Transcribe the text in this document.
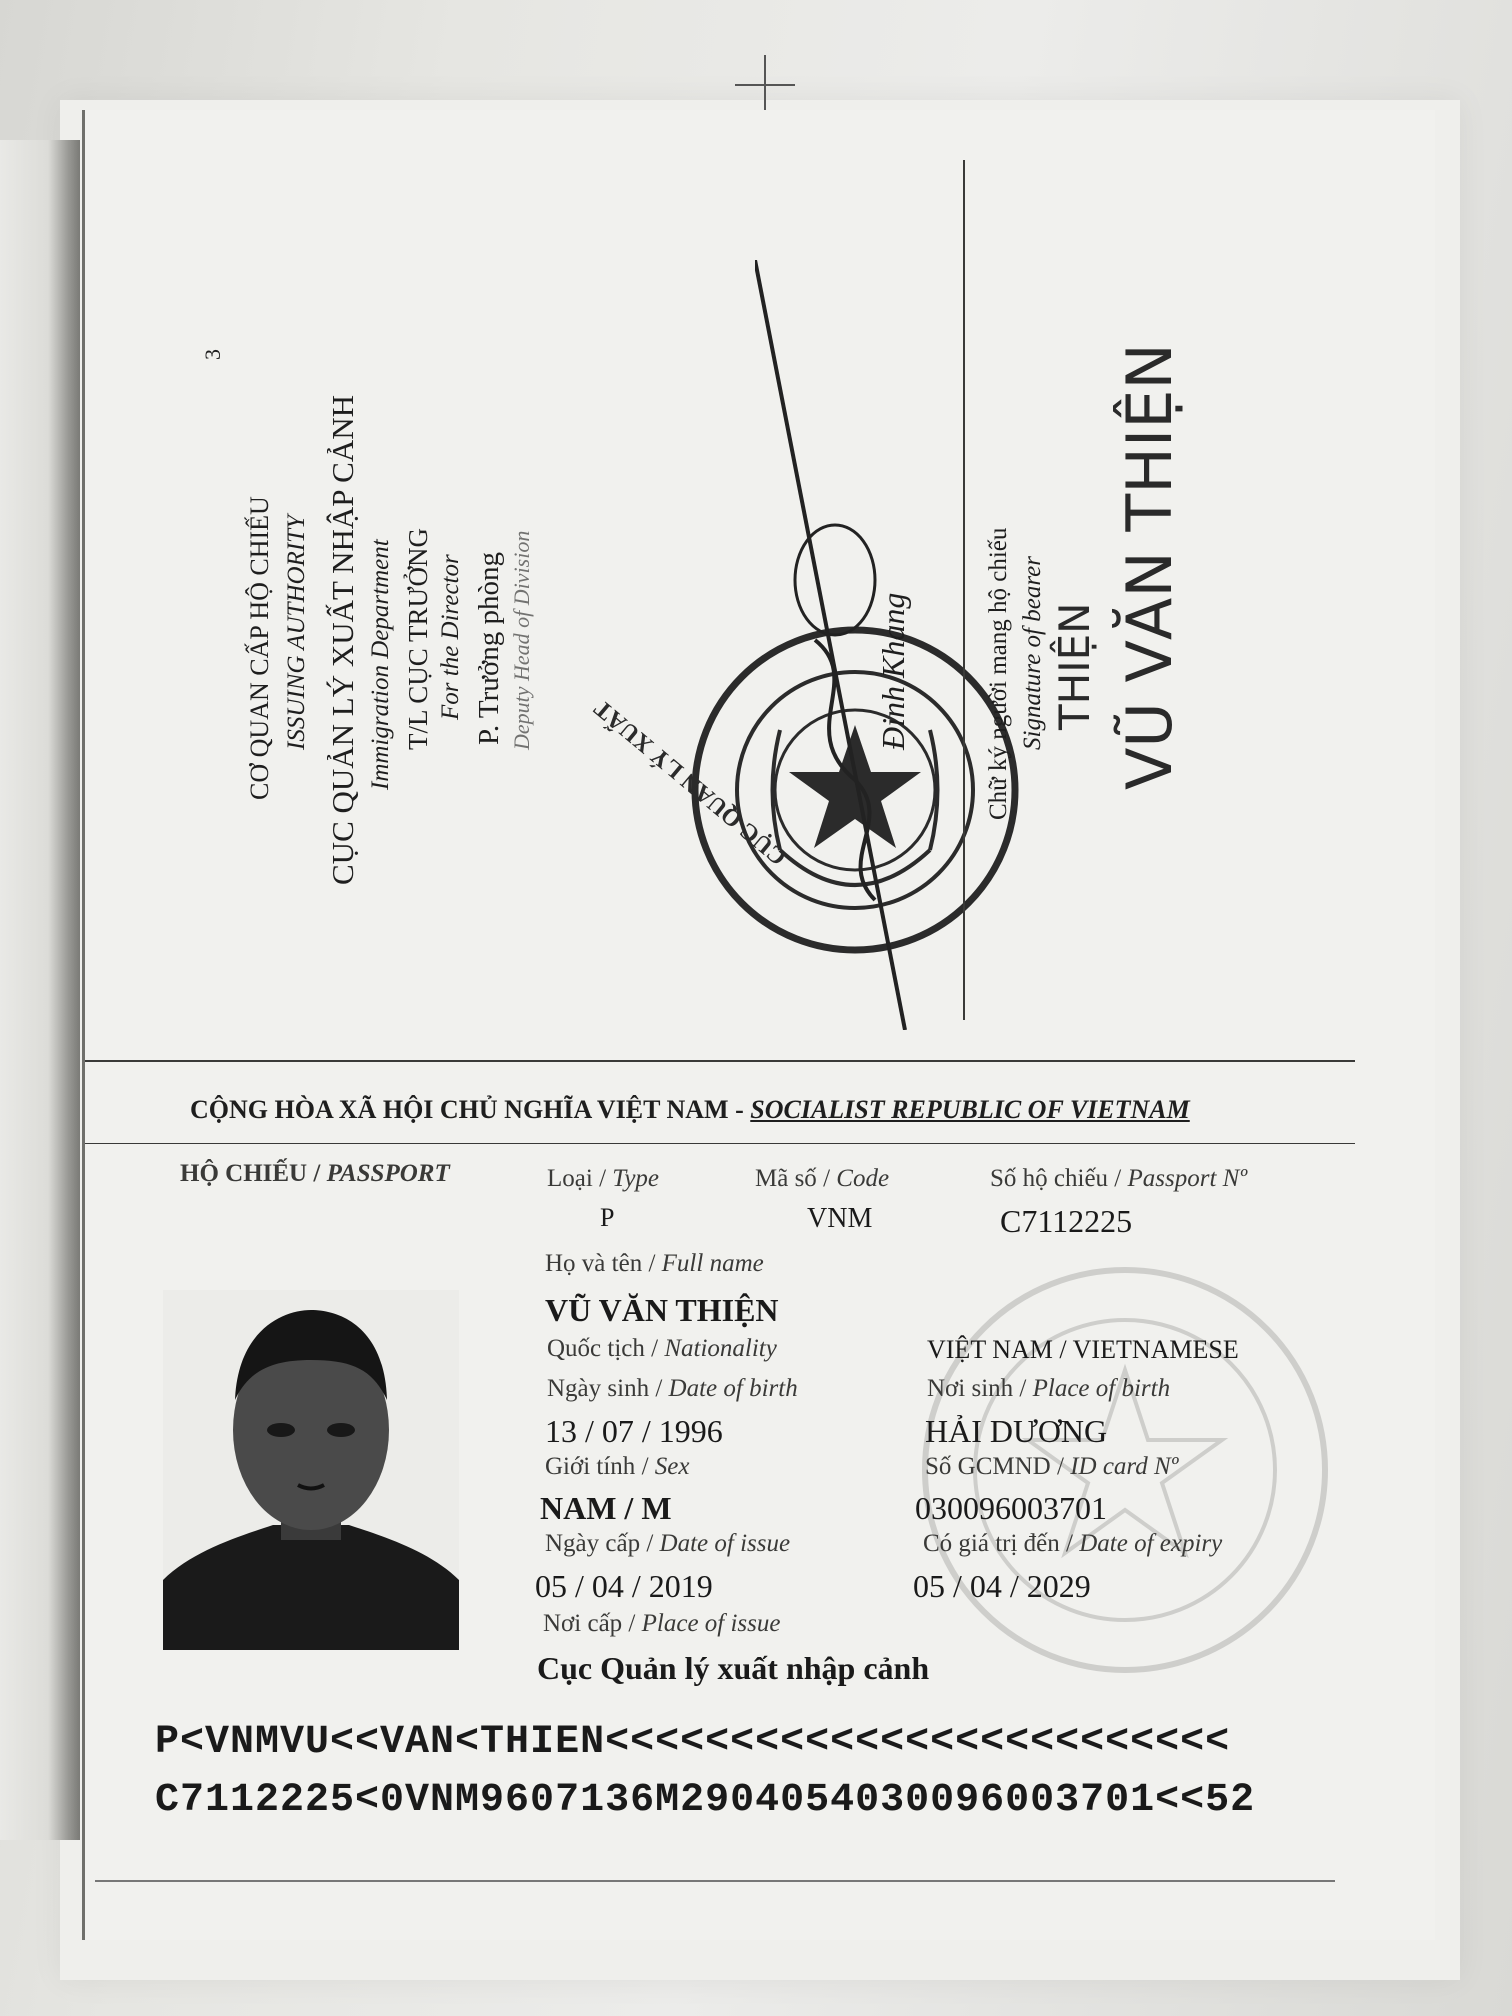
3
CƠ QUAN CẤP HỘ CHIẾU ISSUING AUTHORITY CỤC QUẢN LÝ XUẤT NHẬP CẢNH Immigration Department T/L CỤC TRƯỞNG For the Director P. Trưởng phòng Deputy Head of Division
CỤC QUẢN LÝ XUẤT
Đinh Khang	Chữ ký người mang hộ chiếu Signature of bearer THIỆN VŨ VĂN THIỆN
CỘNG HÒA XÃ HỘI CHỦ NGHĨA VIỆT NAM - SOCIALIST REPUBLIC OF VIETNAM
HỘ CHIẾU / PASSPORT	Loại / Type	Mã số / Code	Số hộ chiếu / Passport Nº
P	VNM	C7112225
Họ và tên / Full name
VŨ VĂN THIỆN
Quốc tịch / Nationality	VIỆT NAM / VIETNAMESE
Ngày sinh / Date of birth	Nơi sinh / Place of birth
13 / 07 / 1996	HẢI DƯƠNG
Giới tính / Sex	Số GCMND / ID card Nº
NAM / M	030096003701
Ngày cấp / Date of issue	Có giá trị đến / Date of expiry
05 / 04 / 2019	05 / 04 / 2029
Nơi cấp / Place of issue
Cục Quản lý xuất nhập cảnh
P<VNMVU<<VAN<THIEN<<<<<<<<<<<<<<<<<<<<<<<<<
C7112225<0VNM9607136M2904054030096003701<<52
